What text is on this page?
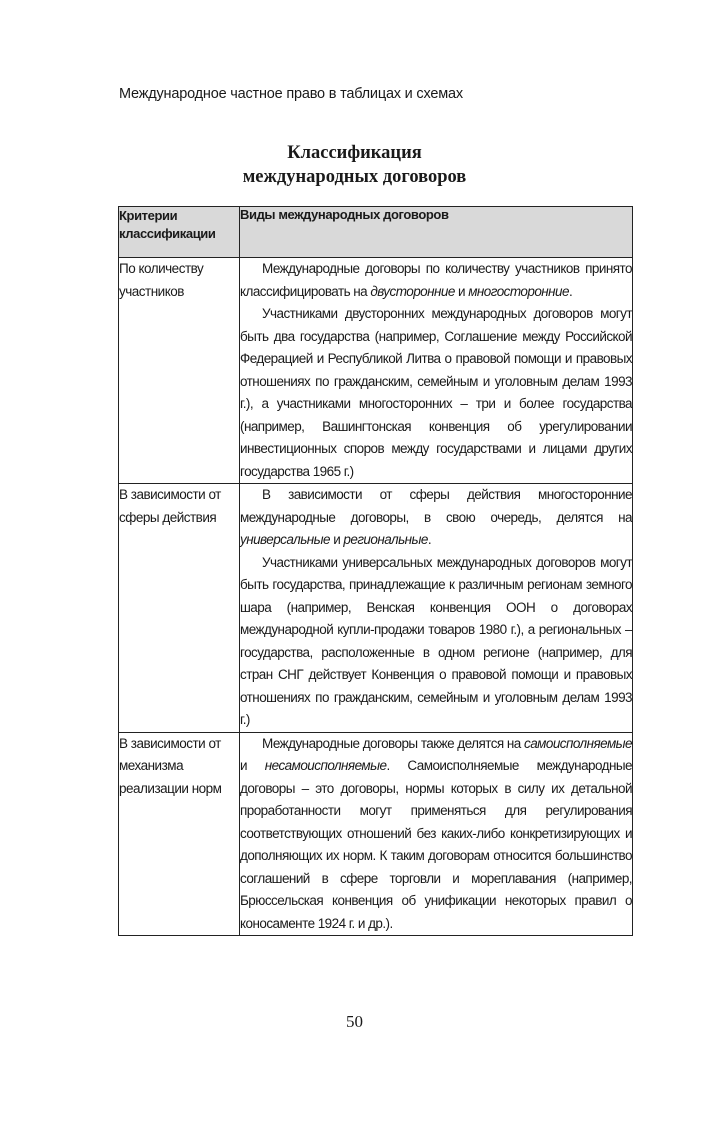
Международное частное право в таблицах и схемах
Классификация
международных договоров
Критерии классификации	Виды международных договоров
По количеству участников	Международные договоры по количеству участников принято классифицировать на двусторонние и многосторонние.

Участниками двусторонних международных договоров могут быть два государства (например, Соглашение между Российской Федерацией и Республикой Литва о правовой помощи и правовых отношениях по гражданским, семейным и уголовным делам 1993 г.), а участниками многосторонних – три и более государства (например, Вашингтонская конвенция об урегулировании инвестиционных споров между государствами и лицами других государства 1965 г.)

В зависимости от сферы действия	В зависимости от сферы действия многосторонние международные договоры, в свою очередь, делятся на универсальные и региональные.

Участниками универсальных международных договоров могут быть государства, принадлежащие к различным регионам земного шара (например, Венская конвенция ООН о договорах международной купли-продажи товаров 1980 г.), а региональных – государства, расположенные в одном регионе (например, для стран СНГ действует Конвенция о правовой помощи и правовых отношениях по гражданским, семейным и уголовным делам 1993 г.)

В зависимости от механизма реализации норм	Международные договоры также делятся на самоисполняемые и несамоисполняемые. Самоисполняемые международные договоры – это договоры, нормы которых в силу их детальной проработанности могут применяться для регулирования соответствующих отношений без каких-либо конкретизирующих и дополняющих их норм. К таким договорам относится большинство соглашений в сфере торговли и мореплавания (например, Брюссельская конвенция об унификации некоторых правил о коносаменте 1924 г. и др.).

50
